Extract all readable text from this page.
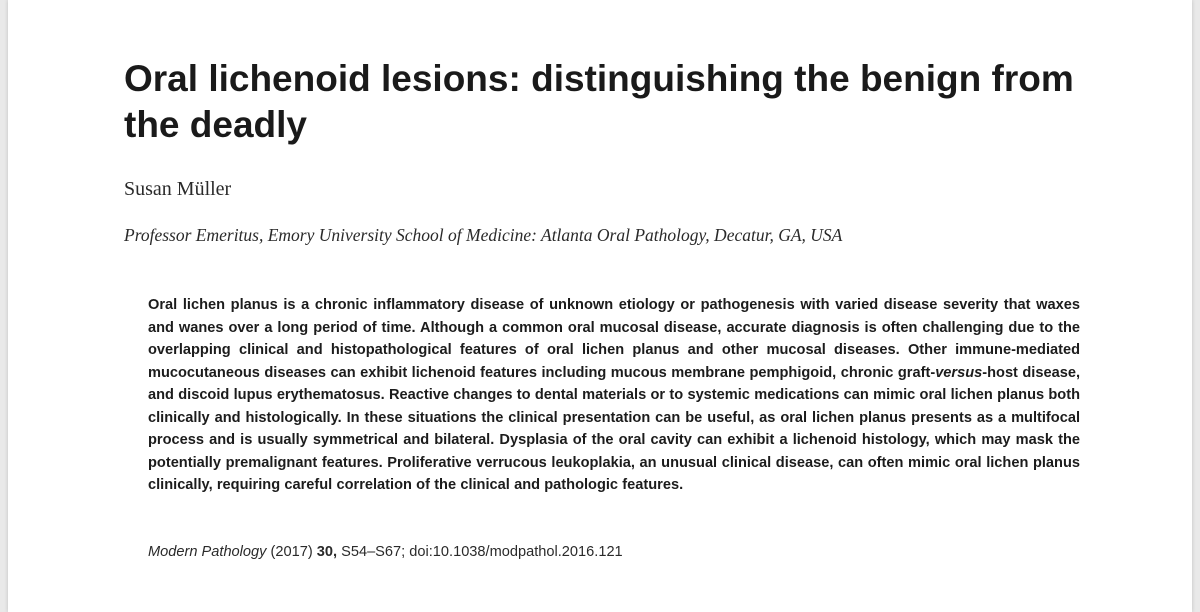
Oral lichenoid lesions: distinguishing the benign from the deadly

Susan Müller

Professor Emeritus, Emory University School of Medicine: Atlanta Oral Pathology, Decatur, GA, USA

Oral lichen planus is a chronic inflammatory disease of unknown etiology or pathogenesis with varied disease severity that waxes and wanes over a long period of time. Although a common oral mucosal disease, accurate diagnosis is often challenging due to the overlapping clinical and histopathological features of oral lichen planus and other mucosal diseases. Other immune-mediated mucocutaneous diseases can exhibit lichenoid features including mucous membrane pemphigoid, chronic graft-versus-host disease, and discoid lupus erythematosus. Reactive changes to dental materials or to systemic medications can mimic oral lichen planus both clinically and histologically. In these situations the clinical presentation can be useful, as oral lichen planus presents as a multifocal process and is usually symmetrical and bilateral. Dysplasia of the oral cavity can exhibit a lichenoid histology, which may mask the potentially premalignant features. Proliferative verrucous leukoplakia, an unusual clinical disease, can often mimic oral lichen planus clinically, requiring careful correlation of the clinical and pathologic features.

Modern Pathology (2017) 30, S54–S67; doi:10.1038/modpathol.2016.121
